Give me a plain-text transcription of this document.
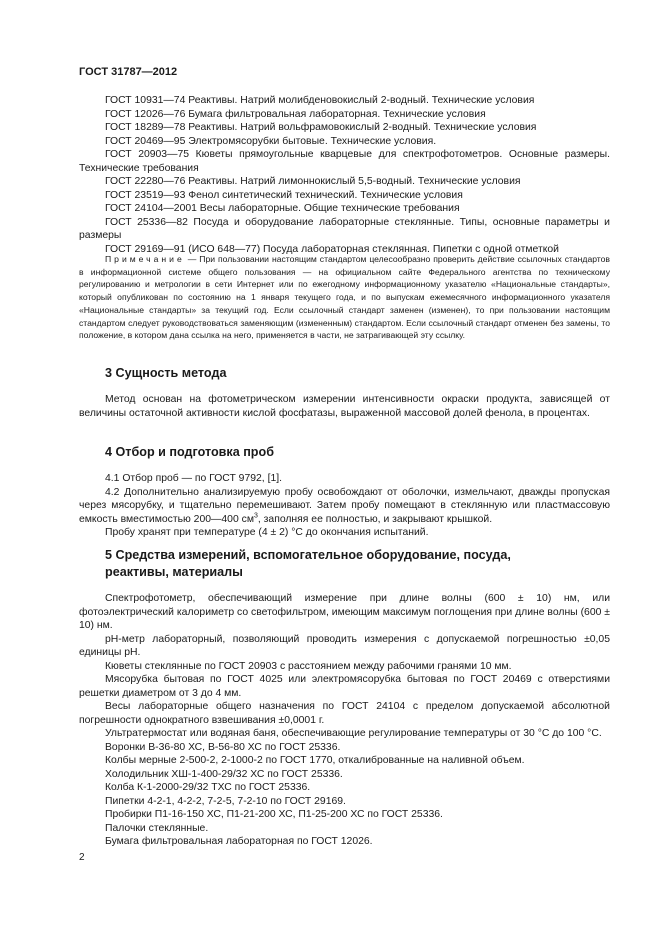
ГОСТ 31787—2012

ГОСТ 10931—74 Реактивы. Натрий молибденовокислый 2-водный. Технические условия

ГОСТ 12026—76 Бумага фильтровальная лабораторная. Технические условия

ГОСТ 18289—78 Реактивы. Натрий вольфрамовокислый 2-водный. Технические условия

ГОСТ 20469—95 Электромясорубки бытовые. Технические условия.

ГОСТ 20903—75 Кюветы прямоугольные кварцевые для спектрофотометров. Основные размеры. Технические требования

ГОСТ 22280—76 Реактивы. Натрий лимоннокислый 5,5-водный. Технические условия

ГОСТ 23519—93 Фенол синтетический технический. Технические условия

ГОСТ 24104—2001 Весы лабораторные. Общие технические требования

ГОСТ 25336—82 Посуда и оборудование лабораторные стеклянные. Типы, основные параметры и размеры

ГОСТ 29169—91 (ИСО 648—77) Посуда лабораторная стеклянная. Пипетки с одной отметкой

Примечание — При пользовании настоящим стандартом целесообразно проверить действие ссылочных стандартов в информационной системе общего пользования — на официальном сайте Федерального агентства по техническому регулированию и метрологии в сети Интернет или по ежегодному информационному указателю «Национальные стандарты», который опубликован по состоянию на 1 января текущего года, и по выпускам ежемесячного информационного указателя «Национальные стандарты» за текущий год. Если ссылочный стандарт заменен (изменен), то при пользовании настоящим стандартом следует руководствоваться заменяющим (измененным) стандартом. Если ссылочный стандарт отменен без замены, то положение, в котором дана ссылка на него, применяется в части, не затрагивающей эту ссылку.

3 Сущность метода

Метод основан на фотометрическом измерении интенсивности окраски продукта, зависящей от величины остаточной активности кислой фосфатазы, выраженной массовой долей фенола, в процентах.

4 Отбор и подготовка проб

4.1 Отбор проб — по ГОСТ 9792, [1].

4.2 Дополнительно анализируемую пробу освобождают от оболочки, измельчают, дважды пропуская через мясорубку, и тщательно перемешивают. Затем пробу помещают в стеклянную или пластмассовую емкость вместимостью 200—400 $см^3$, заполняя ее полностью, и закрывают крышкой.

Пробу хранят при температуре (4 ± 2) °С до окончания испытаний.

5 Средства измерений, вспомогательное оборудование, посуда, реактивы, материалы

Спектрофотометр, обеспечивающий измерение при длине волны (600 ± 10) нм, или фотоэлектрический калориметр со светофильтром, имеющим максимум поглощения при длине волны (600 ± 10) нм.

pH-метр лабораторный, позволяющий проводить измерения с допускаемой погрешностью ±0,05 единицы pH.

Кюветы стеклянные по ГОСТ 20903 с расстоянием между рабочими гранями 10 мм.

Мясорубка бытовая по ГОСТ 4025 или электромясорубка бытовая по ГОСТ 20469 с отверстиями решетки диаметром от 3 до 4 мм.

Весы лабораторные общего назначения по ГОСТ 24104 с пределом допускаемой абсолютной погрешности однократного взвешивания ±0,0001 г.

Ультратермостат или водяная баня, обеспечивающие регулирование температуры от 30 °С до 100 °С.

Воронки В-36-80 ХС, В-56-80 ХС по ГОСТ 25336.

Колбы мерные 2-500-2, 2-1000-2 по ГОСТ 1770, откалиброванные на наливной объем.

Холодильник ХШ-1-400-29/32 ХС по ГОСТ 25336.

Колба К-1-2000-29/32 ТХС по ГОСТ 25336.

Пипетки 4-2-1, 4-2-2, 7-2-5, 7-2-10 по ГОСТ 29169.

Пробирки П1-16-150 ХС, П1-21-200 ХС, П1-25-200 ХС по ГОСТ 25336.

Палочки стеклянные.

Бумага фильтровальная лабораторная по ГОСТ 12026.

2
